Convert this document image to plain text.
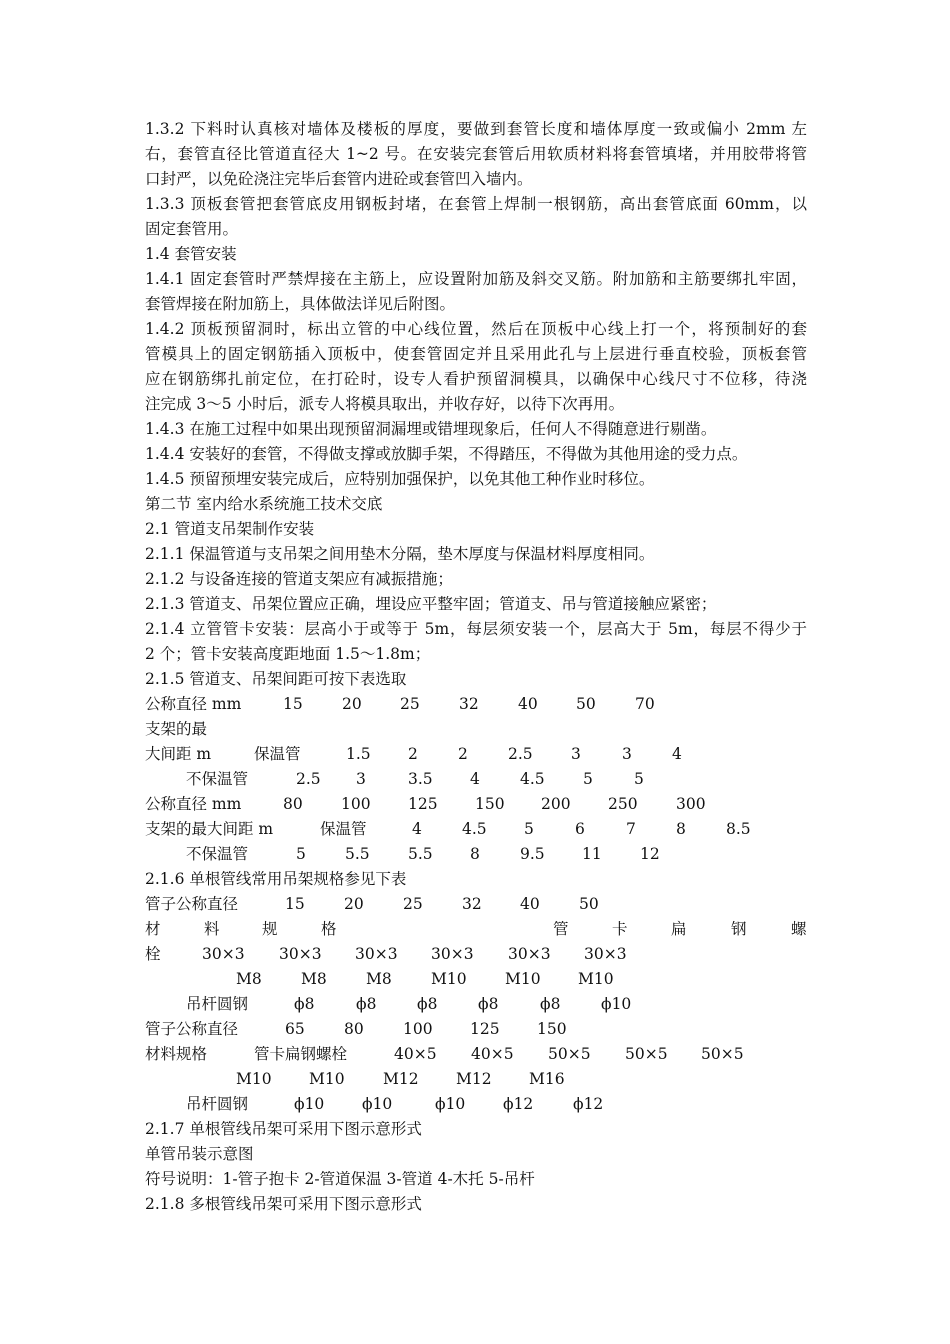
1.3.2 下料时认真核对墙体及楼板的厚度，要做到套管长度和墙体厚度一致或偏小 2mm 左
右，套管直径比管道直径大 1~2 号。在安装完套管后用软质材料将套管填堵，并用胶带将管
口封严，以免砼浇注完毕后套管内进砼或套管凹入墙内。
1.3.3 顶板套管把套管底皮用钢板封堵，在套管上焊制一根钢筋，高出套管底面 60mm，以
固定套管用。
1.4 套管安装
1.4.1 固定套管时严禁焊接在主筋上，应设置附加筋及斜交叉筋。附加筋和主筋要绑扎牢固，
套管焊接在附加筋上，具体做法详见后附图。
1.4.2 顶板预留洞时，标出立管的中心线位置，然后在顶板中心线上打一个，将预制好的套
管模具上的固定钢筋插入顶板中，使套管固定并且采用此孔与上层进行垂直校验，顶板套管
应在钢筋绑扎前定位，在打砼时，设专人看护预留洞模具，以确保中心线尺寸不位移，待浇
注完成 3～5 小时后，派专人将模具取出，并收存好，以待下次再用。
1.4.3 在施工过程中如果出现预留洞漏埋或错埋现象后，任何人不得随意进行剔凿。
1.4.4 安装好的套管，不得做支撑或放脚手架，不得踏压，不得做为其他用途的受力点。
1.4.5 预留预埋安装完成后，应特别加强保护，以免其他工种作业时移位。
第二节 室内给水系统施工技术交底
2.1 管道支吊架制作安装
2.1.1 保温管道与支吊架之间用垫木分隔，垫木厚度与保温材料厚度相同。
2.1.2 与设备连接的管道支架应有减振措施；
2.1.3 管道支、吊架位置应正确，埋设应平整牢固；管道支、吊与管道接触应紧密；
2.1.4 立管管卡安装：层高小于或等于 5m，每层须安装一个，层高大于 5m，每层不得少于
2 个；管卡安装高度距地面 1.5～1.8m；
2.1.5 管道支、吊架间距可按下表选取
公称直径 mm	15	20 25	32	40 50	70
支架的最
大间距 m	保温管	1.5 2	2	2.5 3	3	4
不保温管	2.5 3	3.5 4	4.5 5	5
公称直径 mm	80 100 125 150 200 250 300
支架的最大间距 m	保温管	4	4.5 5	6	7	8	8.5
不保温管	5	5.5 5.5 8	9.5 11 12
2.1.6 单根管线常用吊架规格参见下表
管子公称直径	15	20	25	32 40	50
材	料	规	格	管	卡	扁	钢	螺
栓	30×3 30×3 30×3 30×3 30×3 30×3
M8	M8	M8	M10 M10 M10
吊杆圆钢	ϕ8	ϕ8	ϕ8	ϕ8	ϕ8	ϕ10
管子公称直径	65	80	100 125 150
材料规格	管卡扁钢螺栓	40×5 40×5 50×5 50×5 50×5
M10 M10 M12 M12 M16
吊杆圆钢	ϕ10 ϕ10	ϕ10 ϕ12	ϕ12
2.1.7 单根管线吊架可采用下图示意形式
单管吊装示意图
符号说明：1-管子抱卡 2-管道保温 3-管道 4-木托 5-吊杆
2.1.8 多根管线吊架可采用下图示意形式
